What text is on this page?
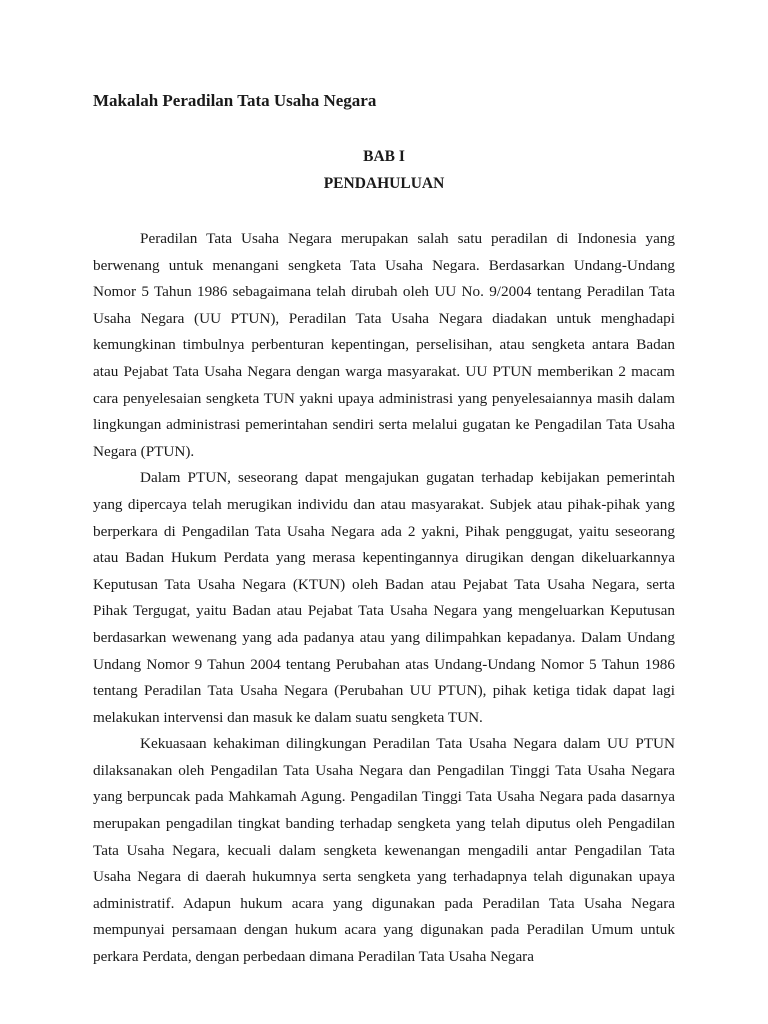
Makalah Peradilan Tata Usaha Negara
BAB I
PENDAHULUAN

Peradilan Tata Usaha Negara merupakan salah satu peradilan di Indonesia yang berwenang untuk menangani sengketa Tata Usaha Negara. Berdasarkan Undang-Undang Nomor 5 Tahun 1986 sebagaimana telah dirubah oleh UU No. 9/2004 tentang Peradilan Tata Usaha Negara (UU PTUN), Peradilan Tata Usaha Negara diadakan untuk menghadapi kemungkinan timbulnya perbenturan kepentingan, perselisihan, atau sengketa antara Badan atau Pejabat Tata Usaha Negara dengan warga masyarakat. UU PTUN memberikan 2 macam cara penyelesaian sengketa TUN yakni upaya administrasi yang penyelesaiannya masih dalam lingkungan administrasi pemerintahan sendiri serta melalui gugatan ke Pengadilan Tata Usaha Negara (PTUN).

Dalam PTUN, seseorang dapat mengajukan gugatan terhadap kebijakan pemerintah yang dipercaya telah merugikan individu dan atau masyarakat. Subjek atau pihak-pihak yang berperkara di Pengadilan Tata Usaha Negara ada 2 yakni, Pihak penggugat, yaitu seseorang atau Badan Hukum Perdata yang merasa kepentingannya dirugikan dengan dikeluarkannya Keputusan Tata Usaha Negara (KTUN) oleh Badan atau Pejabat Tata Usaha Negara, serta Pihak Tergugat, yaitu Badan atau Pejabat Tata Usaha Negara yang mengeluarkan Keputusan berdasarkan wewenang yang ada padanya atau yang dilimpahkan kepadanya. Dalam Undang Undang Nomor 9 Tahun 2004 tentang Perubahan atas Undang-Undang Nomor 5 Tahun 1986 tentang Peradilan Tata Usaha Negara (Perubahan UU PTUN), pihak ketiga tidak dapat lagi melakukan intervensi dan masuk ke dalam suatu sengketa TUN.

Kekuasaan kehakiman dilingkungan Peradilan Tata Usaha Negara dalam UU PTUN dilaksanakan oleh Pengadilan Tata Usaha Negara dan Pengadilan Tinggi Tata Usaha Negara yang berpuncak pada Mahkamah Agung. Pengadilan Tinggi Tata Usaha Negara pada dasarnya merupakan pengadilan tingkat banding terhadap sengketa yang telah diputus oleh Pengadilan Tata Usaha Negara, kecuali dalam sengketa kewenangan mengadili antar Pengadilan Tata Usaha Negara di daerah hukumnya serta sengketa yang terhadapnya telah digunakan upaya administratif. Adapun hukum acara yang digunakan pada Peradilan Tata Usaha Negara mempunyai persamaan dengan hukum acara yang digunakan pada Peradilan Umum untuk perkara Perdata, dengan perbedaan dimana Peradilan Tata Usaha Negara
